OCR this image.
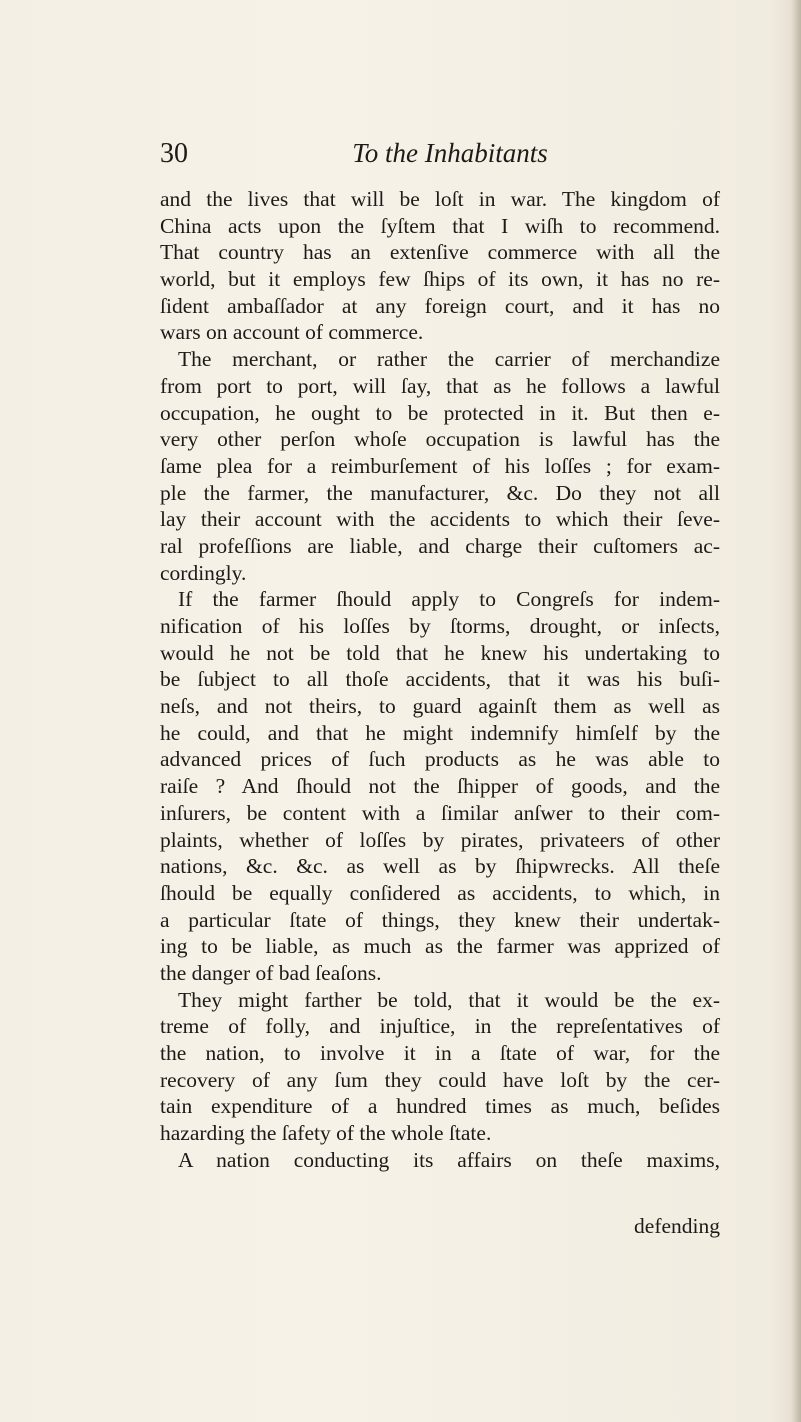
30	To the Inhabitants
and the lives that will be loſt in war. The kingdom of
China acts upon the ſyſtem that I wiſh to recommend.
That country has an extenſive commerce with all the
world, but it employs few ſhips of its own, it has no re-
ſident ambaſſador at any foreign court, and it has no
wars on account of commerce.
The merchant, or rather the carrier of merchandize
from port to port, will ſay, that as he follows a lawful
occupation, he ought to be protected in it. But then e-
very other perſon whoſe occupation is lawful has the
ſame plea for a reimburſement of his loſſes ; for exam-
ple the farmer, the manufacturer, &c. Do they not all
lay their account with the accidents to which their ſeve-
ral profeſſions are liable, and charge their cuſtomers ac-
cordingly.
If the farmer ſhould apply to Congreſs for indem-
nification of his loſſes by ſtorms, drought, or inſects,
would he not be told that he knew his undertaking to
be ſubject to all thoſe accidents, that it was his buſi-
neſs, and not theirs, to guard againſt them as well as
he could, and that he might indemnify himſelf by the
advanced prices of ſuch products as he was able to
raiſe ? And ſhould not the ſhipper of goods, and the
inſurers, be content with a ſimilar anſwer to their com-
plaints, whether of loſſes by pirates, privateers of other
nations, &c. &c. as well as by ſhipwrecks. All theſe
ſhould be equally conſidered as accidents, to which, in
a particular ſtate of things, they knew their undertak-
ing to be liable, as much as the farmer was apprized of
the danger of bad ſeaſons.
They might farther be told, that it would be the ex-
treme of folly, and injuſtice, in the repreſentatives of
the nation, to involve it in a ſtate of war, for the
recovery of any ſum they could have loſt by the cer-
tain expenditure of a hundred times as much, beſides
hazarding the ſafety of the whole ſtate.
A nation conducting its affairs on theſe maxims,
defending
